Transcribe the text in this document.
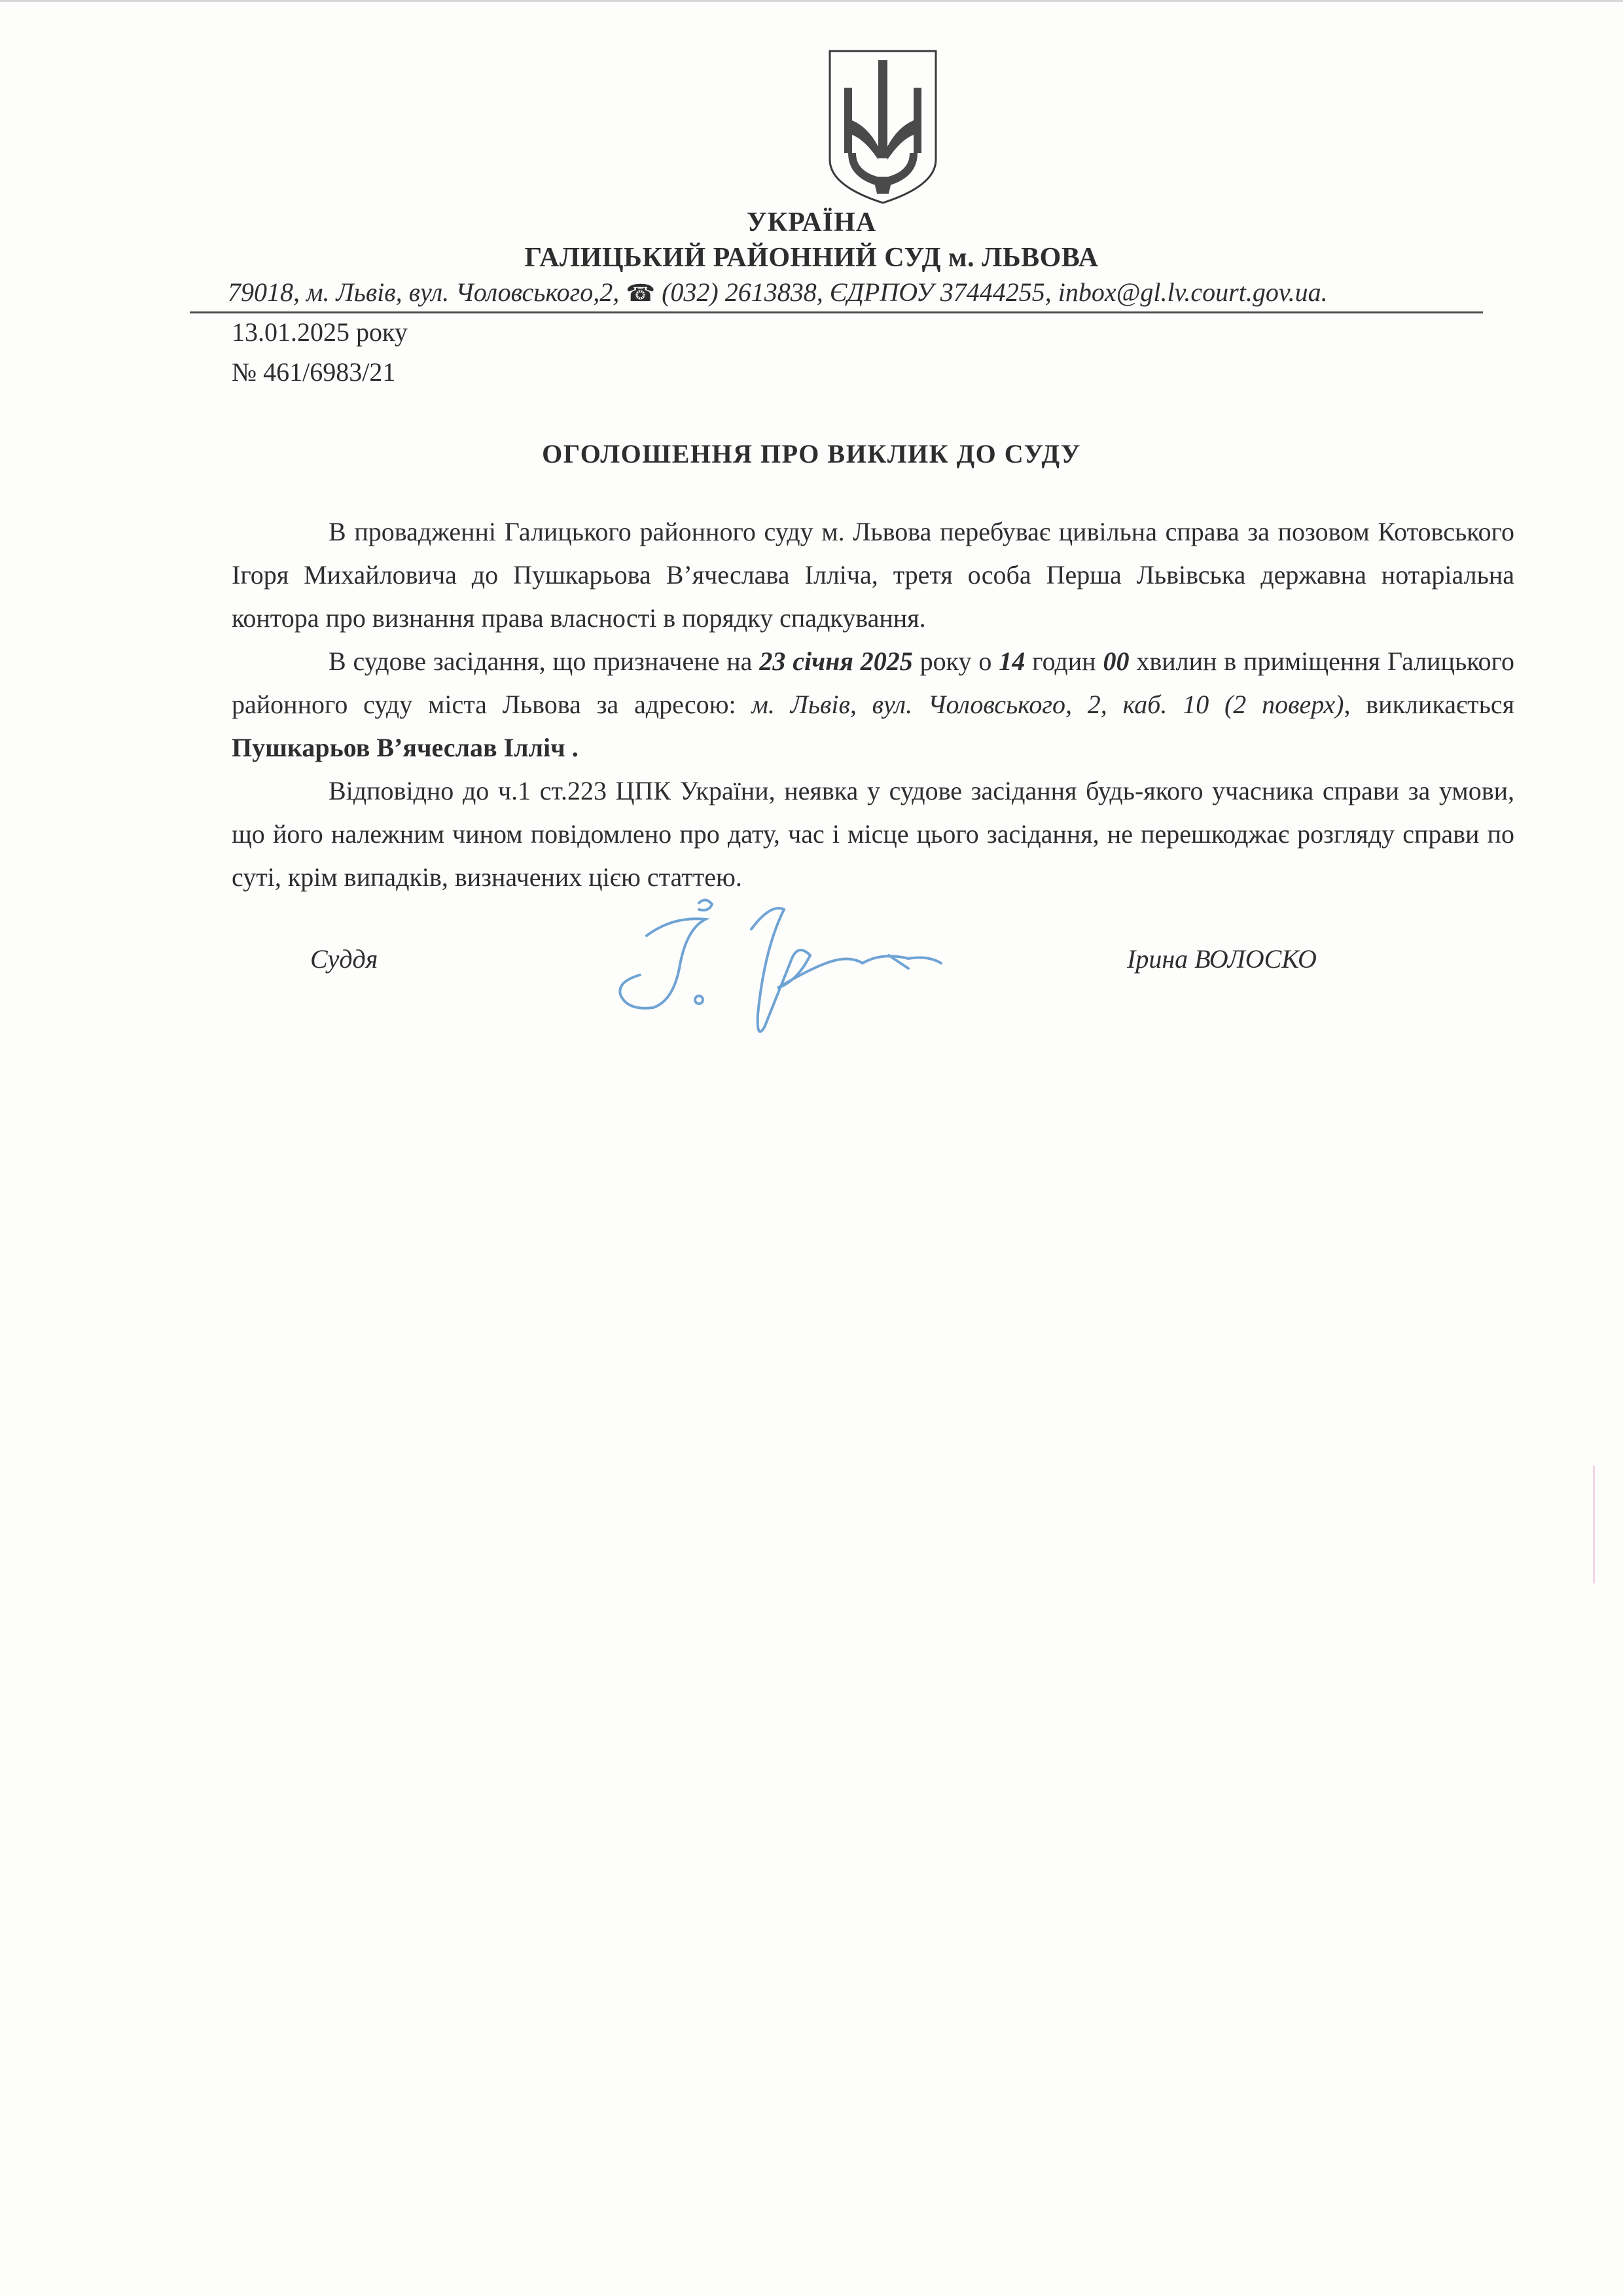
УКРАЇНА
ГАЛИЦЬКИЙ РАЙОННИЙ СУД м. ЛЬВОВА
79018, м. Львів, вул. Чоловського,2, ☎ (032) 2613838, ЄДРПОУ 37444255, inbox@gl.lv.court.gov.ua.
13.01.2025 року
№ 461/6983/21
ОГОЛОШЕННЯ ПРО ВИКЛИК ДО СУДУ

В провадженні Галицького районного суду м. Львова перебуває цивільна справа за позовом Котовського Ігоря Михайловича до Пушкарьова В’ячеслава Ілліча, третя особа Перша Львівська державна нотаріальна контора про визнання права власності в порядку спадкування.

В судове засідання, що призначене на 23 січня 2025 року о 14 годин 00 хвилин в приміщення Галицького районного суду міста Львова за адресою: м. Львів, вул. Чоловського, 2, каб. 10 (2 поверх), викликається Пушкарьов В’ячеслав Ілліч .

Відповідно до ч.1 ст.223 ЦПК України, неявка у судове засідання будь-якого учасника справи за умови, що його належним чином повідомлено про дату, час і місце цього засідання, не перешкоджає розгляду справи по суті, крім випадків, визначених цією статтею.

Суддя	Ірина ВОЛОСКО
